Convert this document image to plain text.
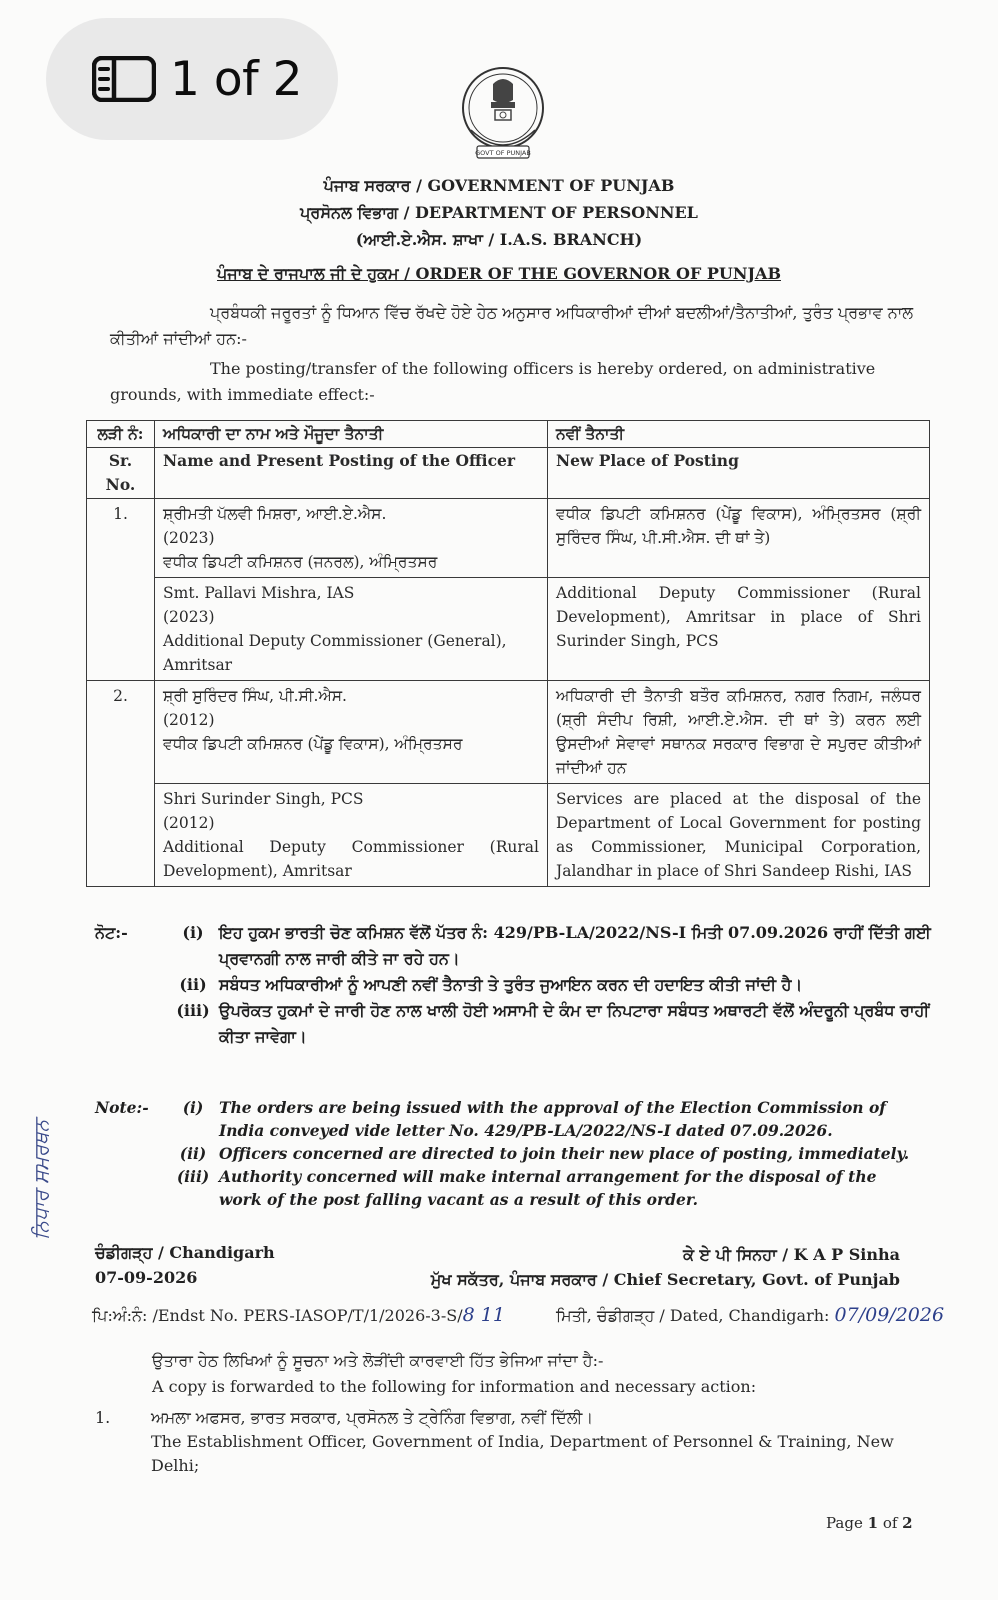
1 of 2
GOVT OF PUNJAB
ਪੰਜਾਬ ਸਰਕਾਰ / GOVERNMENT OF PUNJAB
ਪ੍ਰਸੋਨਲ ਵਿਭਾਗ / DEPARTMENT OF PERSONNEL
(ਆਈ.ਏ.ਐਸ. ਸ਼ਾਖਾ / I.A.S. BRANCH)
ਪੰਜਾਬ ਦੇ ਰਾਜਪਾਲ ਜੀ ਦੇ ਹੁਕਮ / ORDER OF THE GOVERNOR OF PUNJAB
ਪ੍ਰਬੰਧਕੀ ਜਰੂਰਤਾਂ ਨੂੰ ਧਿਆਨ ਵਿੱਚ ਰੱਖਦੇ ਹੋਏ ਹੇਠ ਅਨੁਸਾਰ ਅਧਿਕਾਰੀਆਂ ਦੀਆਂ ਬਦਲੀਆਂ/ਤੈਨਾਤੀਆਂ, ਤੁਰੰਤ ਪ੍ਰਭਾਵ ਨਾਲ ਕੀਤੀਆਂ ਜਾਂਦੀਆਂ ਹਨ:-
The posting/transfer of the following officers is hereby ordered, on administrative grounds, with immediate effect:-
ਲੜੀ ਨੰ:	ਅਧਿਕਾਰੀ ਦਾ ਨਾਮ ਅਤੇ ਮੌਜੂਦਾ ਤੈਨਾਤੀ	ਨਵੀਂ ਤੈਨਾਤੀ
Sr. No.	Name and Present Posting of the Officer	New Place of Posting
1.	ਸ਼੍ਰੀਮਤੀ ਪੱਲਵੀ ਮਿਸ਼ਰਾ, ਆਈ.ਏ.ਐਸ.
(2023)
ਵਧੀਕ ਡਿਪਟੀ ਕਮਿਸ਼ਨਰ (ਜਨਰਲ), ਅੰਮ੍ਰਿਤਸਰ	ਵਧੀਕ ਡਿਪਟੀ ਕਮਿਸ਼ਨਰ (ਪੇਂਡੂ ਵਿਕਾਸ), ਅੰਮ੍ਰਿਤਸਰ (ਸ਼੍ਰੀ ਸੁਰਿੰਦਰ ਸਿੰਘ, ਪੀ.ਸੀ.ਐਸ. ਦੀ ਥਾਂ ਤੇ)

	Smt. Pallavi Mishra, IAS
(2023)
Additional Deputy Commissioner (General), Amritsar	Additional Deputy Commissioner (Rural Development), Amritsar in place of Shri Surinder Singh, PCS
2.	ਸ਼੍ਰੀ ਸੁਰਿੰਦਰ ਸਿੰਘ, ਪੀ.ਸੀ.ਐਸ.
(2012)
ਵਧੀਕ ਡਿਪਟੀ ਕਮਿਸ਼ਨਰ (ਪੇਂਡੂ ਵਿਕਾਸ), ਅੰਮ੍ਰਿਤਸਰ	ਅਧਿਕਾਰੀ ਦੀ ਤੈਨਾਤੀ ਬਤੌਰ ਕਮਿਸ਼ਨਰ, ਨਗਰ ਨਿਗਮ, ਜਲੰਧਰ (ਸ਼੍ਰੀ ਸੰਦੀਪ ਰਿਸ਼ੀ, ਆਈ.ਏ.ਐਸ. ਦੀ ਥਾਂ ਤੇ) ਕਰਨ ਲਈ ਉਸਦੀਆਂ ਸੇਵਾਵਾਂ ਸਥਾਨਕ ਸਰਕਾਰ ਵਿਭਾਗ ਦੇ ਸਪੁਰਦ ਕੀਤੀਆਂ ਜਾਂਦੀਆਂ ਹਨ

	Shri Surinder Singh, PCS
(2012)
Additional Deputy Commissioner (Rural Development), Amritsar	Services are placed at the disposal of the Department of Local Government for posting as Commissioner, Municipal Corporation, Jalandhar in place of Shri Sandeep Rishi, IAS
ਨੋਟ:-	(i) ਇਹ ਹੁਕਮ ਭਾਰਤੀ ਚੋਣ ਕਮਿਸ਼ਨ ਵੱਲੋਂ ਪੱਤਰ ਨੰ: 429/PB-LA/2022/NS-I ਮਿਤੀ 07.09.2026 ਰਾਹੀਂ ਦਿੱਤੀ ਗਈ ਪ੍ਰਵਾਨਗੀ ਨਾਲ ਜਾਰੀ ਕੀਤੇ ਜਾ ਰਹੇ ਹਨ।
(ii) ਸਬੰਧਤ ਅਧਿਕਾਰੀਆਂ ਨੂੰ ਆਪਣੀ ਨਵੀਂ ਤੈਨਾਤੀ ਤੇ ਤੁਰੰਤ ਜੁਆਇਨ ਕਰਨ ਦੀ ਹਦਾਇਤ ਕੀਤੀ ਜਾਂਦੀ ਹੈ।
(iii) ਉਪਰੋਕਤ ਹੁਕਮਾਂ ਦੇ ਜਾਰੀ ਹੋਣ ਨਾਲ ਖਾਲੀ ਹੋਈ ਅਸਾਮੀ ਦੇ ਕੰਮ ਦਾ ਨਿਪਟਾਰਾ ਸਬੰਧਤ ਅਥਾਰਟੀ ਵੱਲੋਂ ਅੰਦਰੂਨੀ ਪ੍ਰਬੰਧ ਰਾਹੀਂ ਕੀਤਾ ਜਾਵੇਗਾ।
Note:-	(i)	The orders are being issued with the approval of the Election Commission of India conveyed vide letter No. 429/PB-LA/2022/NS-I dated 07.09.2026.
(ii) Officers concerned are directed to join their new place of posting, immediately.
(iii) Authority concerned will make internal arrangement for the disposal of the work of the post falling vacant as a result of this order.
ਨਿਧਾਰ ਸਮਰਥਨ
ਚੰਡੀਗੜ੍ਹ / Chandigarh
07-09-2026
ਕੇ ਏ ਪੀ ਸਿਨਹਾ / K A P Sinha
ਮੁੱਖ ਸਕੱਤਰ, ਪੰਜਾਬ ਸਰਕਾਰ / Chief Secretary, Govt. of Punjab
ਪਿ:ਅੰ:ਨੰ: /Endst No. PERS-IASOP/T/1/2026-3-S/8 11	ਮਿਤੀ, ਚੰਡੀਗੜ੍ਹ / Dated, Chandigarh: 07/09/2026
ਉਤਾਰਾ ਹੇਠ ਲਿਖਿਆਂ ਨੂੰ ਸੂਚਨਾ ਅਤੇ ਲੋੜੀਂਦੀ ਕਾਰਵਾਈ ਹਿੱਤ ਭੇਜਿਆ ਜਾਂਦਾ ਹੈ:-
A copy is forwarded to the following for information and necessary action:
1.	ਅਮਲਾ ਅਫਸਰ, ਭਾਰਤ ਸਰਕਾਰ, ਪ੍ਰਸੋਨਲ ਤੇ ਟ੍ਰੇਨਿੰਗ ਵਿਭਾਗ, ਨਵੀਂ ਦਿੱਲੀ।
The Establishment Officer, Government of India, Department of Personnel & Training, New Delhi;
Page 1 of 2
